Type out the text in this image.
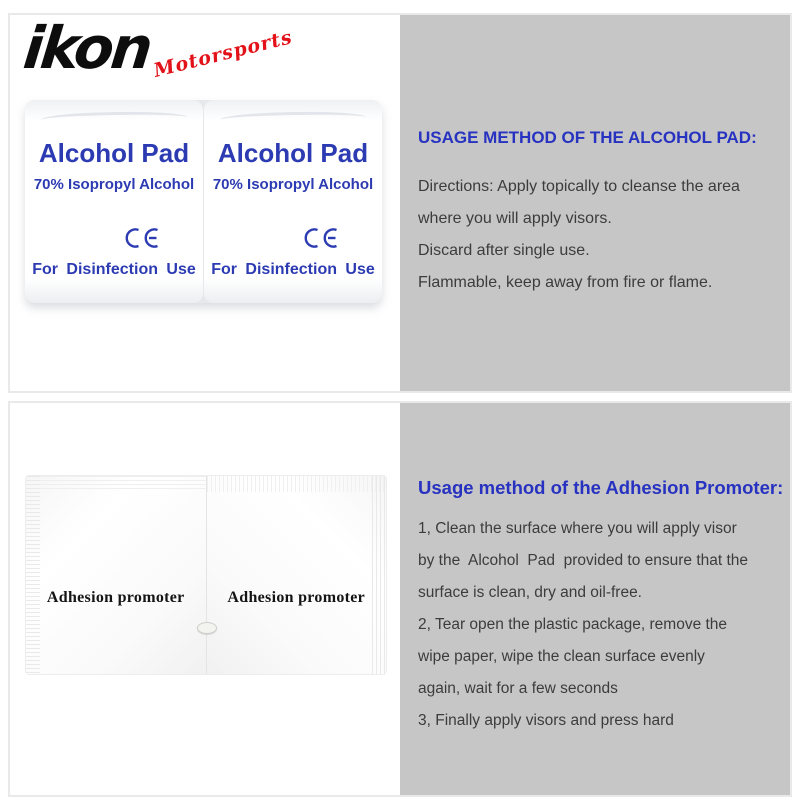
ikon
Motorsports
Alcohol Pad
70% Isopropyl Alcohol
For Disinfection Use
Alcohol Pad
70% Isopropyl Alcohol
For Disinfection Use
USAGE METHOD OF THE ALCOHOL PAD:
Directions: Apply topically to cleanse the area
where you will apply visors.
Discard after single use.
Flammable, keep away from fire or flame.
Adhesion promoter	Adhesion promoter
Usage method of the Adhesion Promoter:
1, Clean the surface where you will apply visor
by the  Alcohol  Pad  provided to ensure that the
surface is clean, dry and oil-free.
2, Tear open the plastic package, remove the
wipe paper, wipe the clean surface evenly
again, wait for a few seconds
3, Finally apply visors and press hard
